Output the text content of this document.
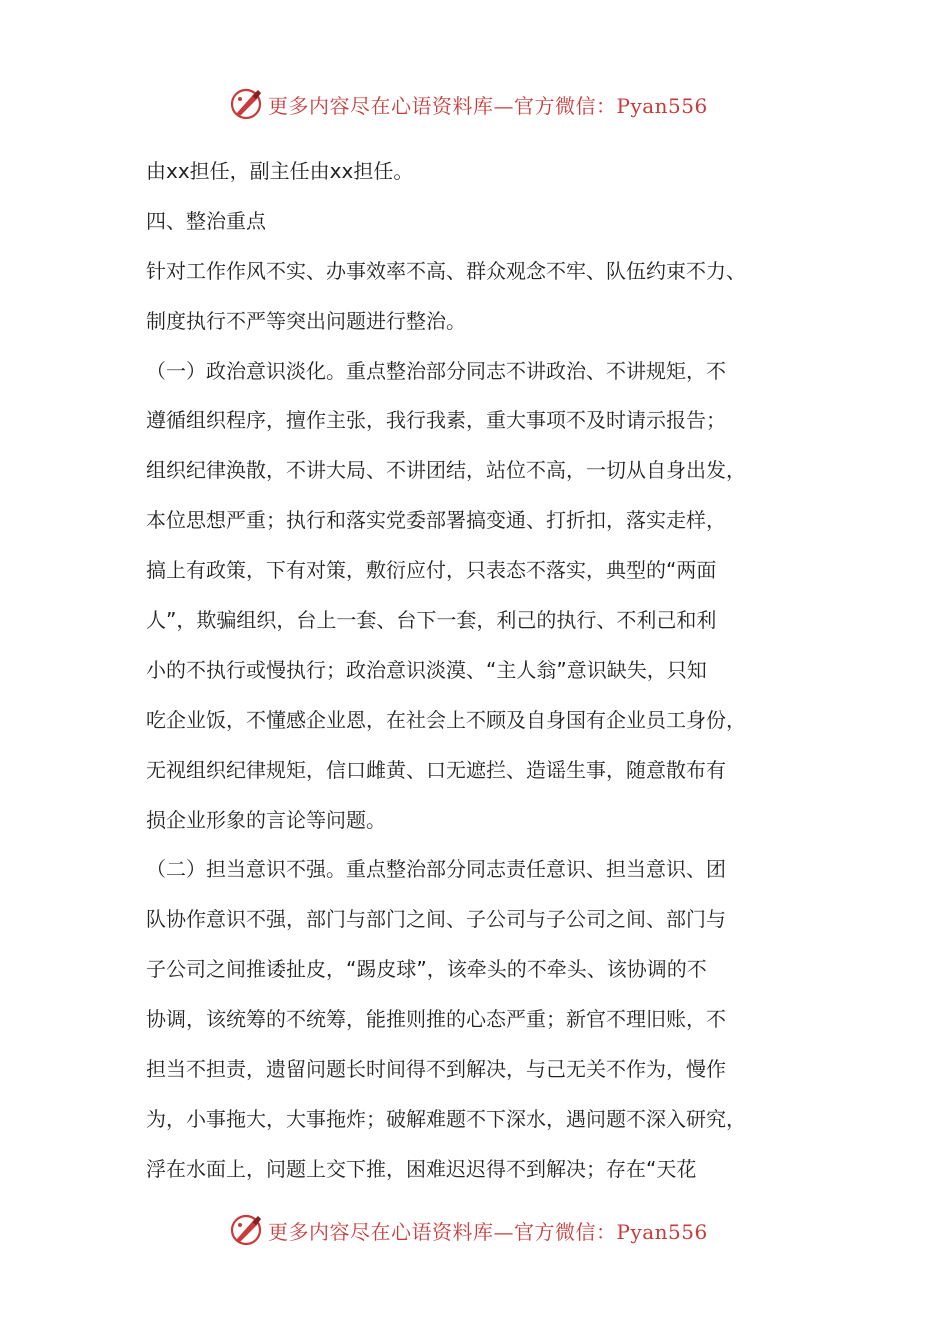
更多内容尽在心语资料库—官方微信：Pyan556
由xx担任，副主任由xx担任。
四、整治重点
针对工作作风不实、办事效率不高、群众观念不牢、队伍约束不力、
制度执行不严等突出问题进行整治。
（一）政治意识淡化。重点整治部分同志不讲政治、不讲规矩，不
遵循组织程序，擅作主张，我行我素，重大事项不及时请示报告；
组织纪律涣散，不讲大局、不讲团结，站位不高，一切从自身出发，
本位思想严重；执行和落实党委部署搞变通、打折扣，落实走样，
搞上有政策，下有对策，敷衍应付，只表态不落实，典型的“两面
人”，欺骗组织，台上一套、台下一套，利己的执行、不利己和利
小的不执行或慢执行；政治意识淡漠、“主人翁”意识缺失，只知
吃企业饭，不懂感企业恩，在社会上不顾及自身国有企业员工身份，
无视组织纪律规矩，信口雌黄、口无遮拦、造谣生事，随意散布有
损企业形象的言论等问题。
（二）担当意识不强。重点整治部分同志责任意识、担当意识、团
队协作意识不强，部门与部门之间、子公司与子公司之间、部门与
子公司之间推诿扯皮，“踢皮球”，该牵头的不牵头、该协调的不
协调，该统筹的不统筹，能推则推的心态严重；新官不理旧账，不
担当不担责，遗留问题长时间得不到解决，与己无关不作为，慢作
为，小事拖大，大事拖炸；破解难题不下深水，遇问题不深入研究，
浮在水面上，问题上交下推，困难迟迟得不到解决；存在“天花
更多内容尽在心语资料库—官方微信：Pyan556
